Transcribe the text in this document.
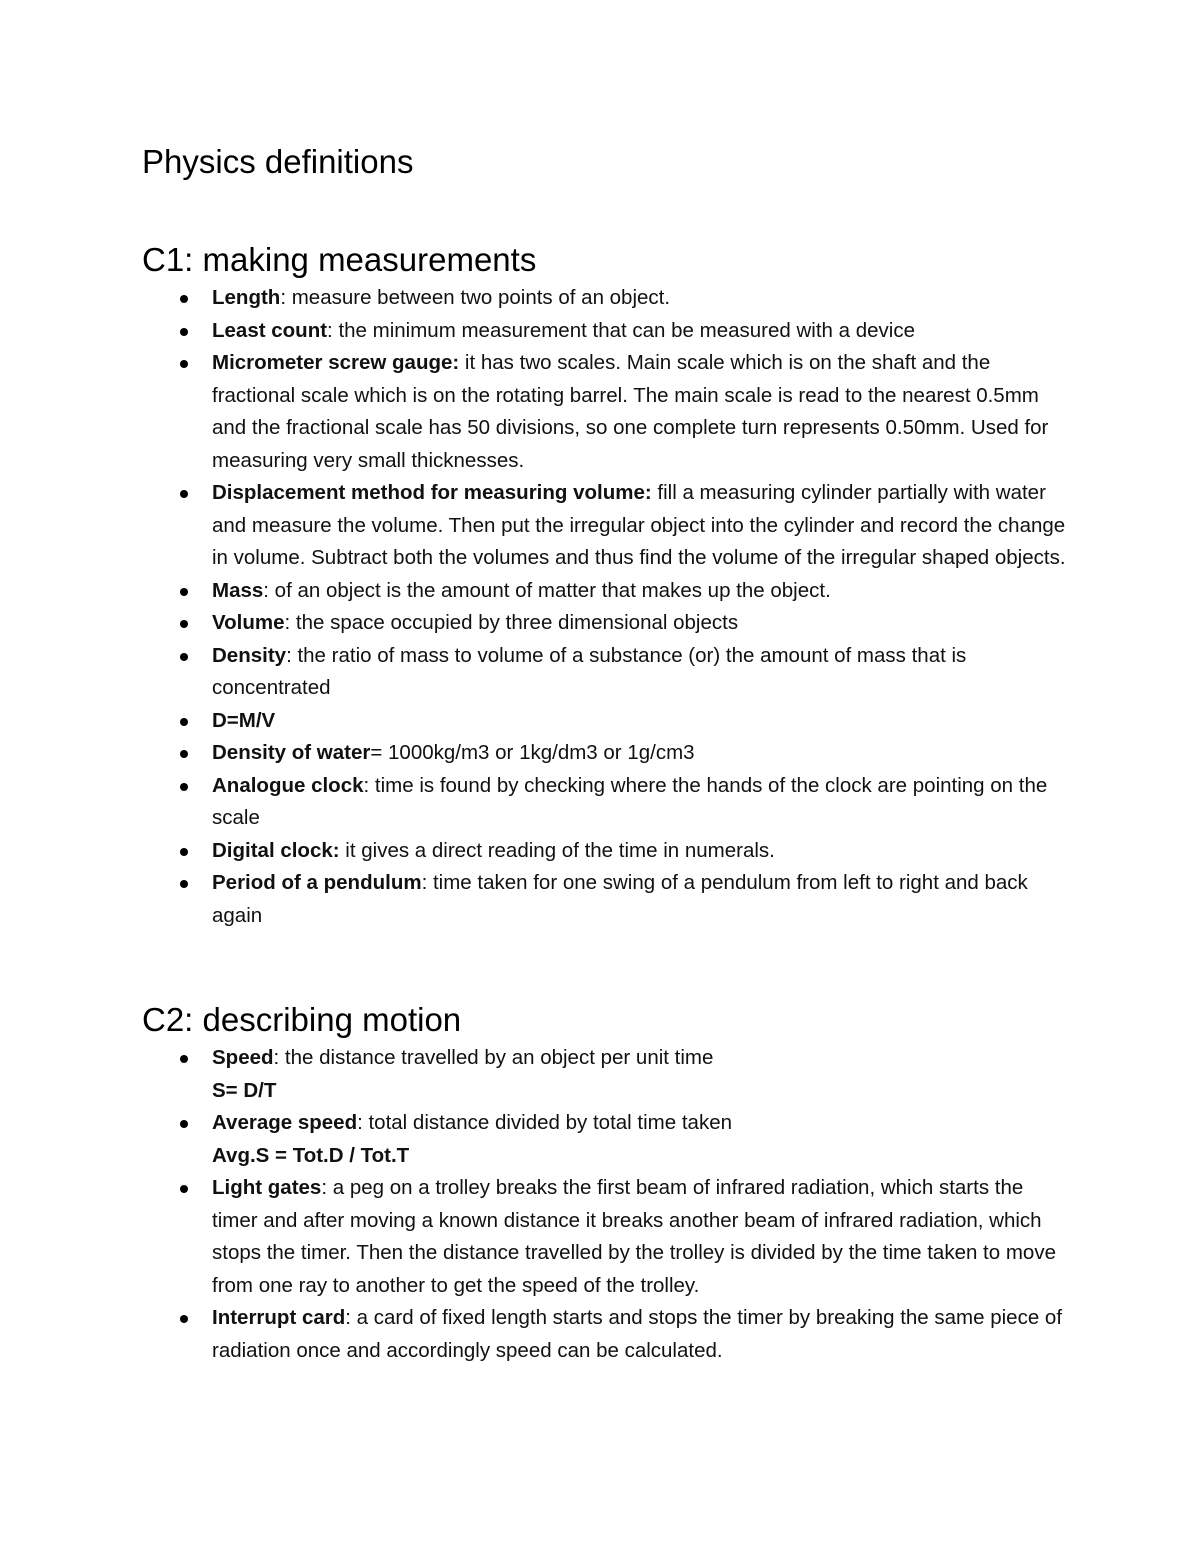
Physics definitions
C1: making measurements
Length: measure between two points of an object.
Least count: the minimum measurement that can be measured with a device
Micrometer screw gauge: it has two scales. Main scale which is on the shaft and the fractional scale which is on the rotating barrel. The main scale is read to the nearest 0.5mm and the fractional scale has 50 divisions, so one complete turn represents 0.50mm. Used for measuring very small thicknesses.
Displacement method for measuring volume: fill a measuring cylinder partially with water and measure the volume. Then put the irregular object into the cylinder and record the change in volume. Subtract both the volumes and thus find the volume of the irregular shaped objects.
Mass: of an object is the amount of matter that makes up the object.
Volume: the space occupied by three dimensional objects
Density: the ratio of mass to volume of a substance (or) the amount of mass that is concentrated
D=M/V
Density of water= 1000kg/m3 or 1kg/dm3 or 1g/cm3
Analogue clock: time is found by checking where the hands of the clock are pointing on the scale
Digital clock: it gives a direct reading of the time in numerals.
Period of a pendulum: time taken for one swing of a pendulum from left to right and back again
C2: describing motion
Speed: the distance travelled by an object per unit time
S= D/T
Average speed: total distance divided by total time taken
Avg.S = Tot.D / Tot.T
Light gates: a peg on a trolley breaks the first beam of infrared radiation, which starts the timer and after moving a known distance it breaks another beam of infrared radiation, which stops the timer. Then the distance travelled by the trolley is divided by the time taken to move from one ray to another to get the speed of the trolley.
Interrupt card: a card of fixed length starts and stops the timer by breaking the same piece of radiation once and accordingly speed can be calculated.
